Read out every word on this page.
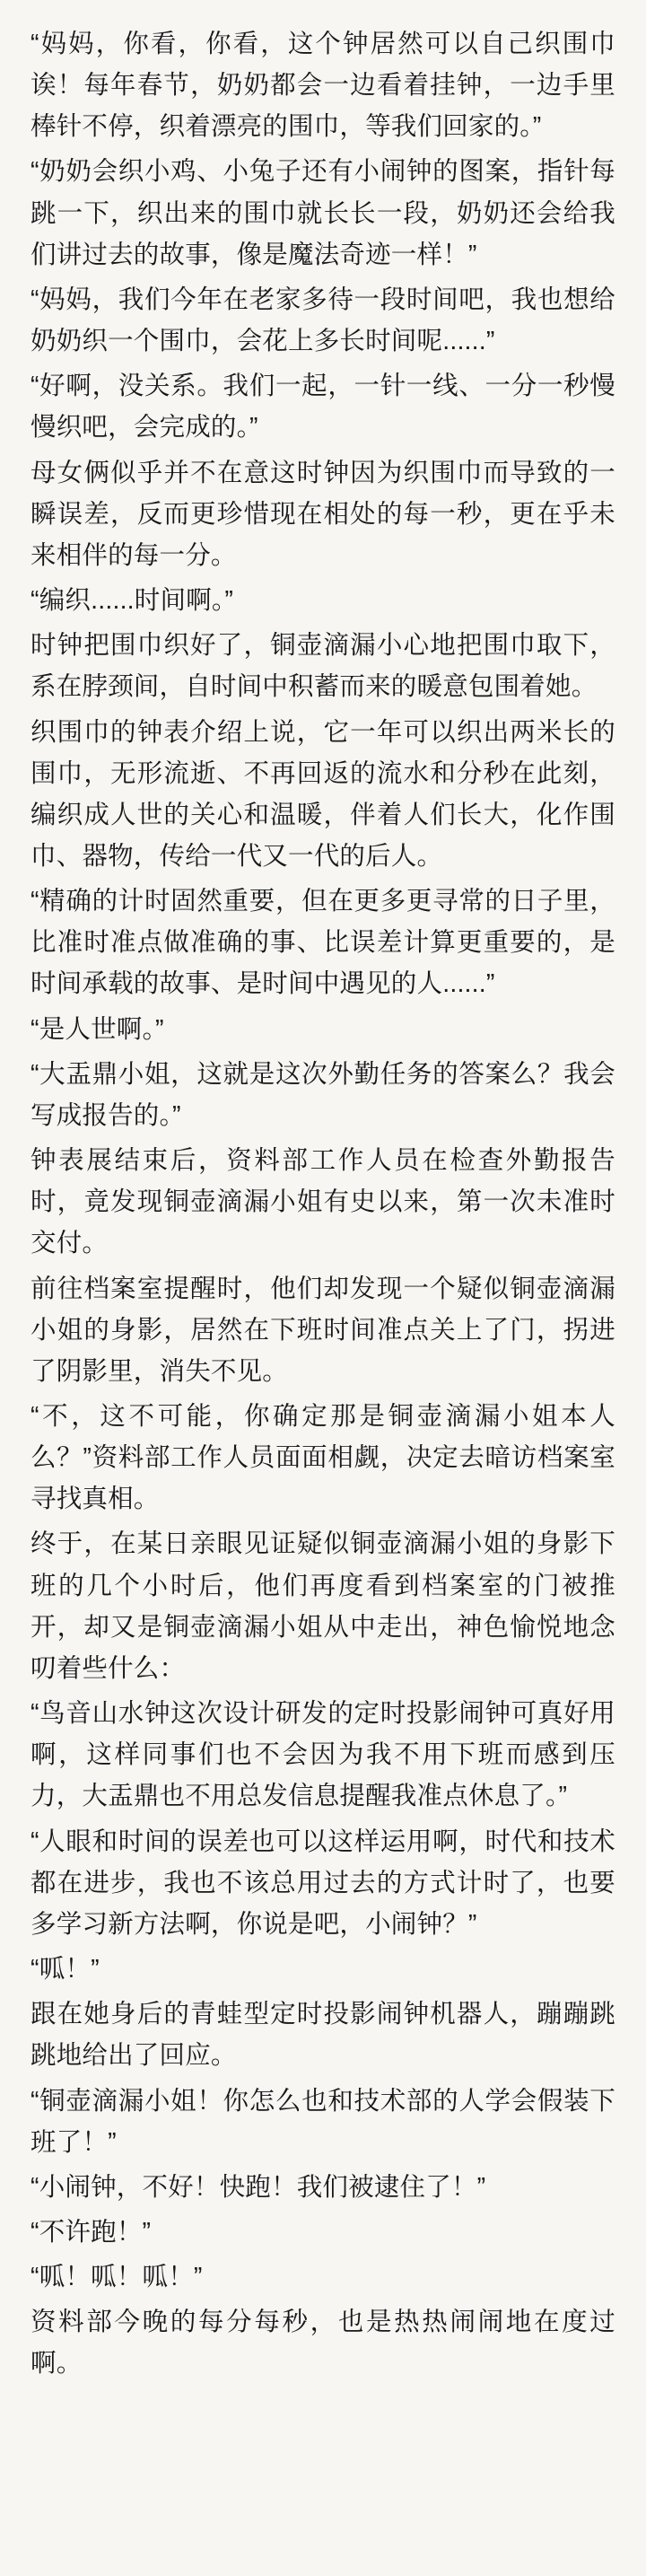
“妈妈，你看，你看，这个钟居然可以自己织围巾诶！每年春节，奶奶都会一边看着挂钟，一边手里棒针不停，织着漂亮的围巾，等我们回家的。”

“奶奶会织小鸡、小兔子还有小闹钟的图案，指针每跳一下，织出来的围巾就长长一段，奶奶还会给我们讲过去的故事，像是魔法奇迹一样！”

“妈妈，我们今年在老家多待一段时间吧，我也想给奶奶织一个围巾，会花上多长时间呢......”

“好啊，没关系。我们一起，一针一线、一分一秒慢慢织吧，会完成的。”

母女俩似乎并不在意这时钟因为织围巾而导致的一瞬误差，反而更珍惜现在相处的每一秒，更在乎未来相伴的每一分。

“编织......时间啊。”

时钟把围巾织好了，铜壶滴漏小心地把围巾取下，系在脖颈间，自时间中积蓄而来的暖意包围着她。

织围巾的钟表介绍上说，它一年可以织出两米长的围巾，无形流逝、不再回返的流水和分秒在此刻，编织成人世的关心和温暖，伴着人们长大，化作围巾、器物，传给一代又一代的后人。

“精确的计时固然重要，但在更多更寻常的日子里，比准时准点做准确的事、比误差计算更重要的，是时间承载的故事、是时间中遇见的人......”

“是人世啊。”

“大盂鼎小姐，这就是这次外勤任务的答案么？我会写成报告的。”

钟表展结束后，资料部工作人员在检查外勤报告时，竟发现铜壶滴漏小姐有史以来，第一次未准时交付。

前往档案室提醒时，他们却发现一个疑似铜壶滴漏小姐的身影，居然在下班时间准点关上了门，拐进了阴影里，消失不见。

“不，这不可能，你确定那是铜壶滴漏小姐本人么？”资料部工作人员面面相觑，决定去暗访档案室寻找真相。

终于，在某日亲眼见证疑似铜壶滴漏小姐的身影下班的几个小时后，他们再度看到档案室的门被推开，却又是铜壶滴漏小姐从中走出，神色愉悦地念叨着些什么：

“鸟音山水钟这次设计研发的定时投影闹钟可真好用啊，这样同事们也不会因为我不用下班而感到压力，大盂鼎也不用总发信息提醒我准点休息了。”

“人眼和时间的误差也可以这样运用啊，时代和技术都在进步，我也不该总用过去的方式计时了，也要多学习新方法啊，你说是吧，小闹钟？”

“呱！”

跟在她身后的青蛙型定时投影闹钟机器人，蹦蹦跳跳地给出了回应。

“铜壶滴漏小姐！你怎么也和技术部的人学会假装下班了！”

“小闹钟，不好！快跑！我们被逮住了！”

“不许跑！”

“呱！呱！呱！”

资料部今晚的每分每秒，也是热热闹闹地在度过啊。
